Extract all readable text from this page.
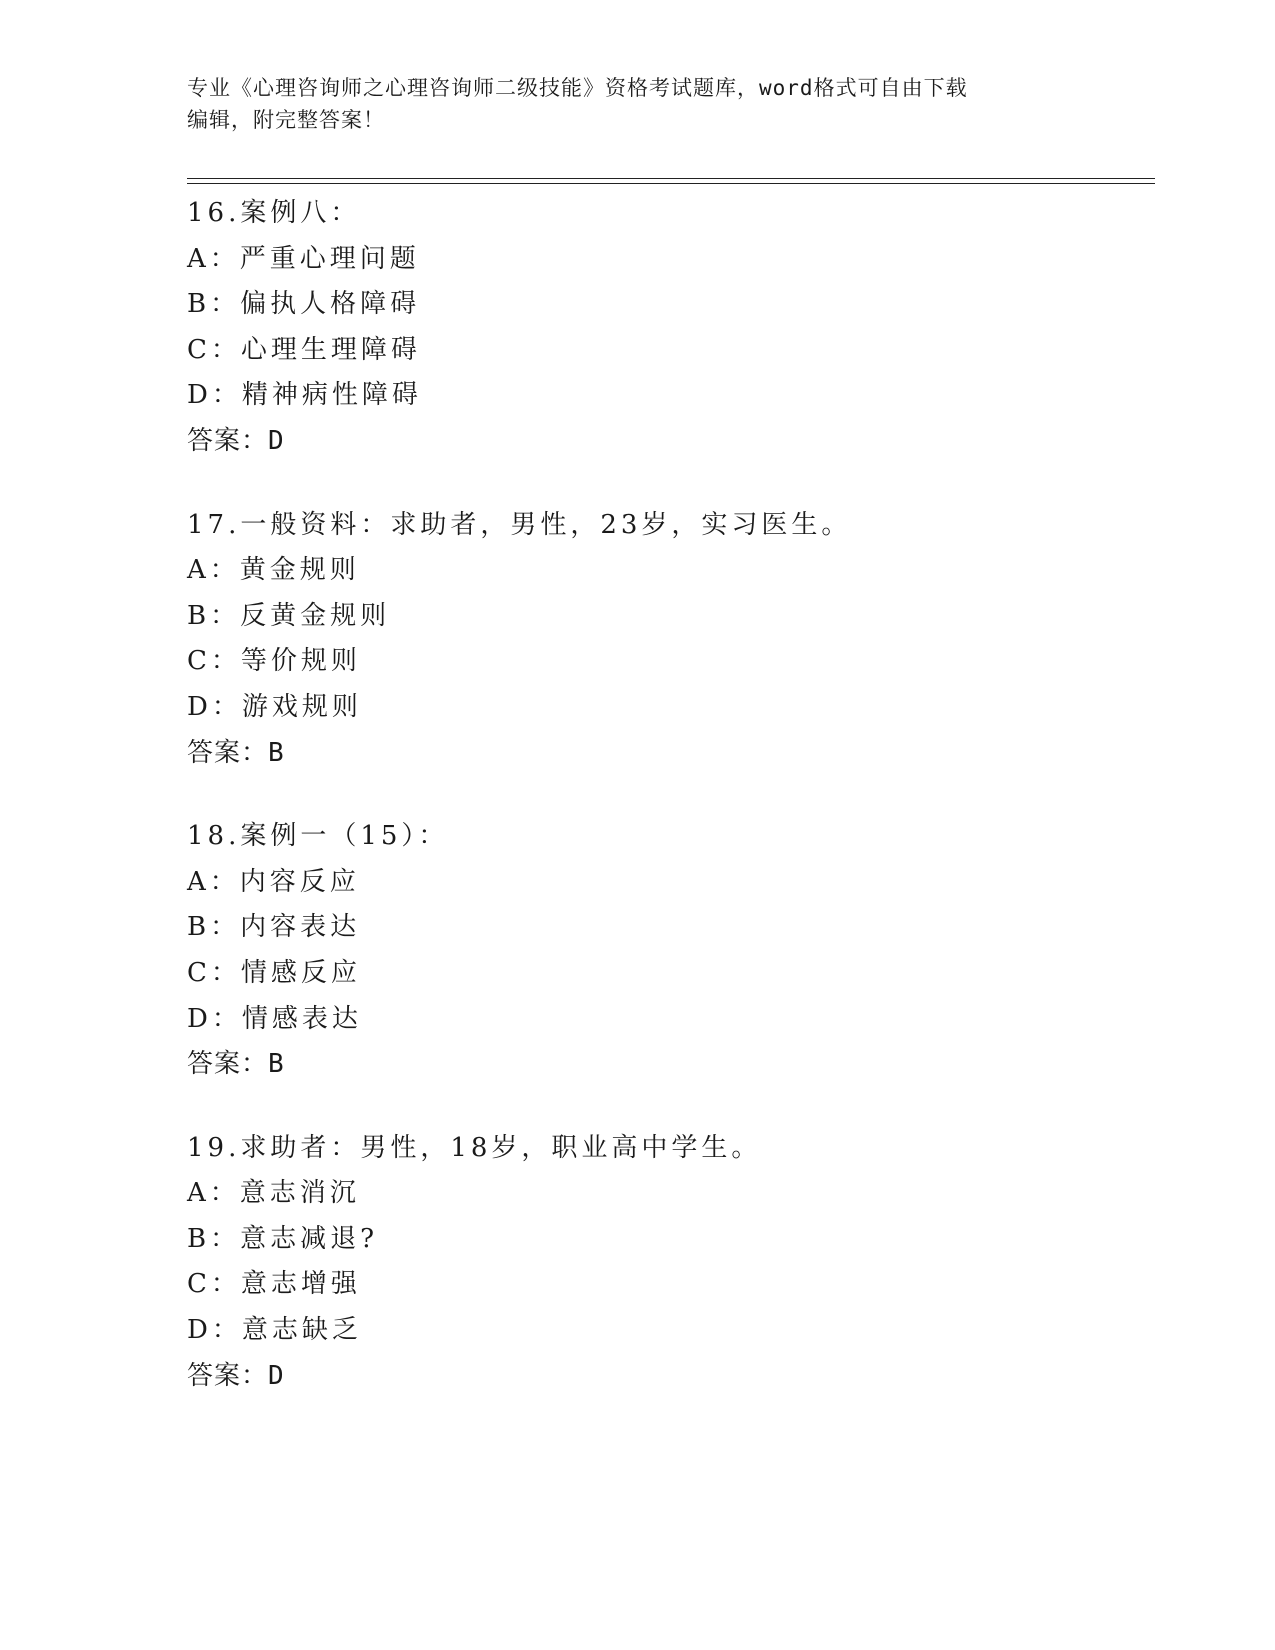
专业《心理咨询师之心理咨询师二级技能》资格考试题库，word格式可自由下载
编辑，附完整答案！
16.案例八：
A：严重心理问题
B：偏执人格障碍
C：心理生理障碍
D：精神病性障碍
答案：D
17.一般资料：求助者，男性，23岁，实习医生。
A：黄金规则
B：反黄金规则
C：等价规则
D：游戏规则
答案：B
18.案例一（15）：
A：内容反应
B：内容表达
C：情感反应
D：情感表达
答案：B
19.求助者：男性，18岁，职业高中学生。
A：意志消沉
B：意志减退?
C：意志增强
D：意志缺乏
答案：D
